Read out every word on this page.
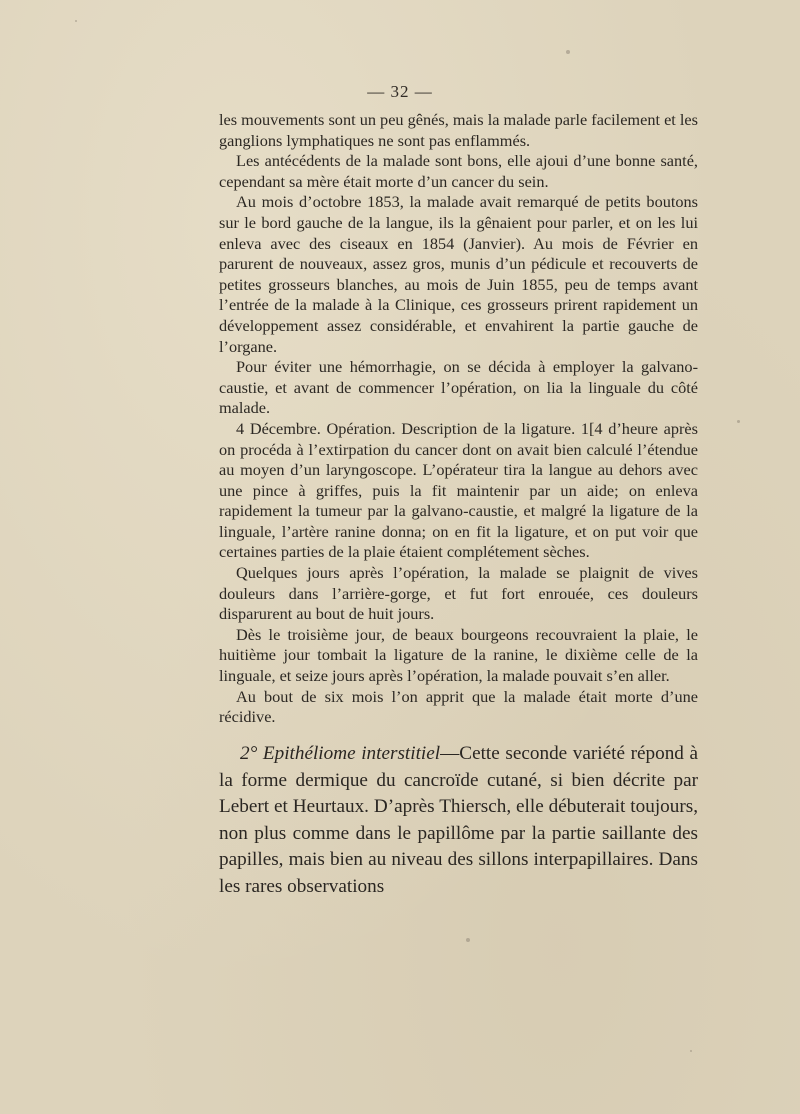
— 32 —

les mouvements sont un peu gênés, mais la malade parle facilement et les ganglions lymphatiques ne sont pas enflammés.

Les antécédents de la malade sont bons, elle ajoui d’une bonne santé, cependant sa mère était morte d’un cancer du sein.

Au mois d’octobre 1853, la malade avait remarqué de petits boutons sur le bord gauche de la langue, ils la gênaient pour parler, et on les lui enleva avec des ciseaux en 1854 (Janvier). Au mois de Février en parurent de nouveaux, assez gros, munis d’un pédicule et recouverts de petites grosseurs blanches, au mois de Juin 1855, peu de temps avant l’entrée de la malade à la Clinique, ces grosseurs prirent rapidement un développement assez considérable, et envahirent la partie gauche de l’organe.

Pour éviter une hémorrhagie, on se décida à employer la galvano-caustie, et avant de commencer l’opération, on lia la linguale du côté malade.

4 Décembre. Opération. Description de la ligature. 1[4 d’heure après on procéda à l’extirpation du cancer dont on avait bien calculé l’étendue au moyen d’un laryngoscope. L’opérateur tira la langue au dehors avec une pince à griffes, puis la fit maintenir par un aide; on enleva rapidement la tumeur par la galvano-caustie, et malgré la ligature de la linguale, l’artère ranine donna; on en fit la ligature, et on put voir que certaines parties de la plaie étaient complétement sèches.

Quelques jours après l’opération, la malade se plaignit de vives douleurs dans l’arrière-gorge, et fut fort enrouée, ces douleurs disparurent au bout de huit jours.

Dès le troisième jour, de beaux bourgeons recouvraient la plaie, le huitième jour tombait la ligature de la ranine, le dixième celle de la linguale, et seize jours après l’opération, la malade pouvait s’en aller.

Au bout de six mois l’on apprit que la malade était morte d’une récidive.

2° Epithéliome interstitiel—Cette seconde variété répond à la forme dermique du cancroïde cutané, si bien décrite par Lebert et Heurtaux. D’après Thiersch, elle débuterait toujours, non plus comme dans le papillôme par la partie saillante des papilles, mais bien au niveau des sillons interpapillaires. Dans les rares observations
